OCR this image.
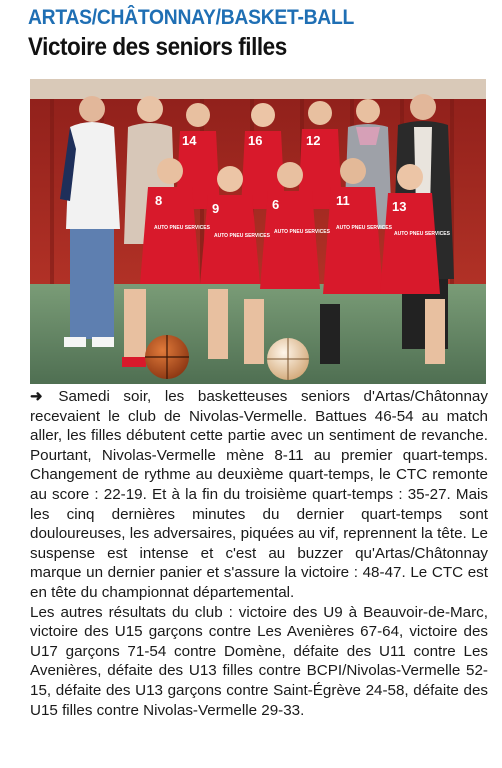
ARTAS/CHÂTONNAY/BASKET-BALL
Victoire des seniors filles
14	16	12
8
9	6	11	13
AUTO PNEU SERVICES
AUTO PNEU SERVICES
AUTO PNEU SERVICES
AUTO PNEU SERVICES
AUTO PNEU SERVICES

➜ Samedi soir, les basketteuses seniors d'Artas/Châtonnay recevaient le club de Nivolas-Vermelle. Battues 46-54 au match aller, les filles débutent cette partie avec un sentiment de revanche. Pourtant, Nivolas-Vermelle mène 8-11 au premier quart-temps. Changement de rythme au deuxième quart-temps, le CTC remonte au score : 22-19. Et à la fin du troisième quart-temps : 35-27. Mais les cinq dernières minutes du dernier quart-temps sont douloureuses, les adversaires, piquées au vif, reprennent la tête. Le suspense est intense et c'est au buzzer qu'Artas/Châtonnay marque un dernier panier et s'assure la victoire : 48-47. Le CTC est en tête du championnat départemental.

Les autres résultats du club : victoire des U9 à Beauvoir-de-Marc, victoire des U15 garçons contre Les Avenières 67-64, victoire des U17 garçons 71-54 contre Domène, défaite des U11 contre Les Avenières, défaite des U13 filles contre BCPI/Nivolas-Vermelle 52-15, défaite des U13 garçons contre Saint-Égrève 24-58, défaite des U15 filles contre Nivolas-Vermelle 29-33.
